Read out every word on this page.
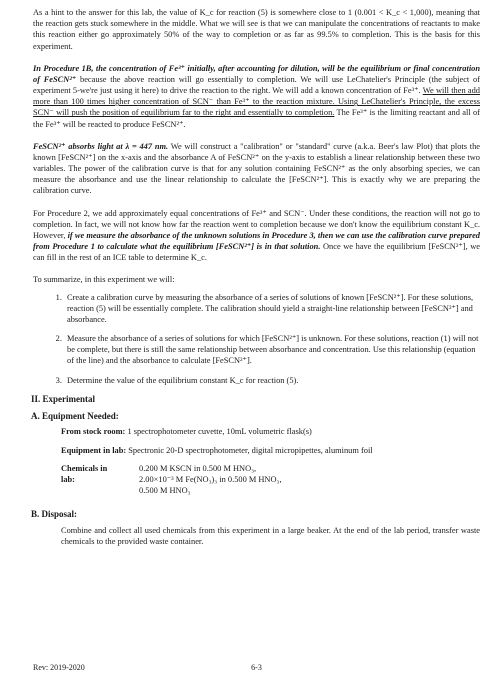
As a hint to the answer for this lab, the value of K_c for reaction (5) is somewhere close to 1 (0.001 < K_c < 1,000), meaning that the reaction gets stuck somewhere in the middle. What we will see is that we can manipulate the concentrations of reactants to make this reaction either go approximately 50% of the way to completion or as far as 99.5% to completion. This is the basis for this experiment.

In Procedure 1B, the concentration of Fe³⁺ initially, after accounting for dilution, will be the equilibrium or final concentration of FeSCN²⁺ because the above reaction will go essentially to completion. We will use LeChatelier's Principle (the subject of experiment 5-we're just using it here) to drive the reaction to the right. We will add a known concentration of Fe³⁺. We will then add more than 100 times higher concentration of SCN⁻ than Fe³⁺ to the reaction mixture. Using LeChatelier's Principle, the excess SCN⁻ will push the position of equilibrium far to the right and essentially to completion. The Fe³⁺ is the limiting reactant and all of the Fe³⁺ will be reacted to produce FeSCN²⁺.

FeSCN²⁺ absorbs light at λ = 447 nm. We will construct a "calibration" or "standard" curve (a.k.a. Beer's law Plot) that plots the known [FeSCN²⁺] on the x-axis and the absorbance A of FeSCN²⁺ on the y-axis to establish a linear relationship between these two variables. The power of the calibration curve is that for any solution containing FeSCN²⁺ as the only absorbing species, we can measure the absorbance and use the linear relationship to calculate the [FeSCN²⁺]. This is exactly why we are preparing the calibration curve.

For Procedure 2, we add approximately equal concentrations of Fe³⁺ and SCN⁻. Under these conditions, the reaction will not go to completion. In fact, we will not know how far the reaction went to completion because we don't know the equilibrium constant K_c. However, if we measure the absorbance of the unknown solutions in Procedure 3, then we can use the calibration curve prepared from Procedure 1 to calculate what the equilibrium [FeSCN²⁺] is in that solution. Once we have the equilibrium [FeSCN²⁺], we can fill in the rest of an ICE table to determine K_c.

To summarize, in this experiment we will:

1. Create a calibration curve by measuring the absorbance of a series of solutions of known [FeSCN²⁺]. For these solutions, reaction (5) will be essentially complete. The calibration should yield a straight-line relationship between [FeSCN²⁺] and absorbance.
2. Measure the absorbance of a series of solutions for which [FeSCN²⁺] is unknown. For these solutions, reaction (1) will not be complete, but there is still the same relationship between absorbance and concentration. Use this relationship (equation of the line) and the absorbance to calculate [FeSCN²⁺].
3. Determine the value of the equilibrium constant K_c for reaction (5).
II. Experimental
A. Equipment Needed:
From stock room: 1 spectrophotometer cuvette, 10mL volumetric flask(s)
Equipment in lab: Spectronic 20-D spectrophotometer, digital micropipettes, aluminum foil
Chemicals in lab:
0.200 M KSCN in 0.500 M HNO₃,
2.00×10⁻³ M Fe(NO₃)₃ in 0.500 M HNO₃,
0.500 M HNO₃
B. Disposal:

Combine and collect all used chemicals from this experiment in a large beaker. At the end of the lab period, transfer waste chemicals to the provided waste container.

Rev: 2019-2020	6-3
